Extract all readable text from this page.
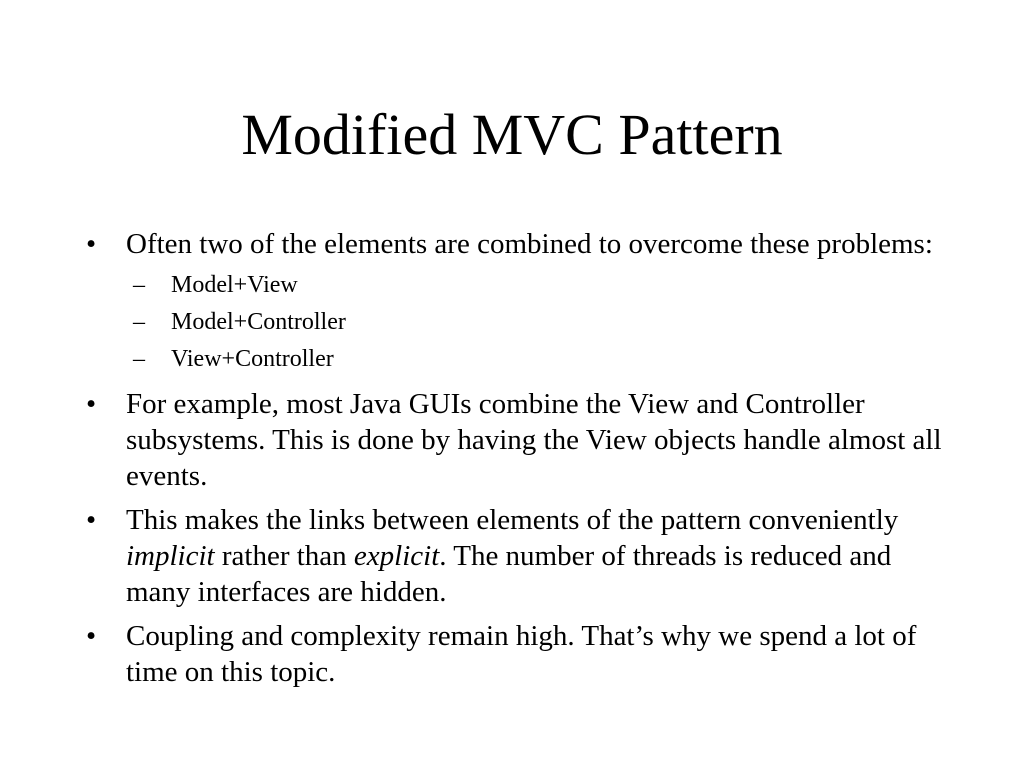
Modified MVC Pattern
•	Often two of the elements are combined to overcome these problems:
– Model+View
– Model+Controller
– View+Controller
•	For example, most Java GUIs combine the View and Controller subsystems. This is done by having the View objects handle almost all events.
•	This makes the links between elements of the pattern conveniently implicit rather than explicit. The number of threads is reduced and many interfaces are hidden.
•	Coupling and complexity remain high. That’s why we spend a lot of time on this topic.
